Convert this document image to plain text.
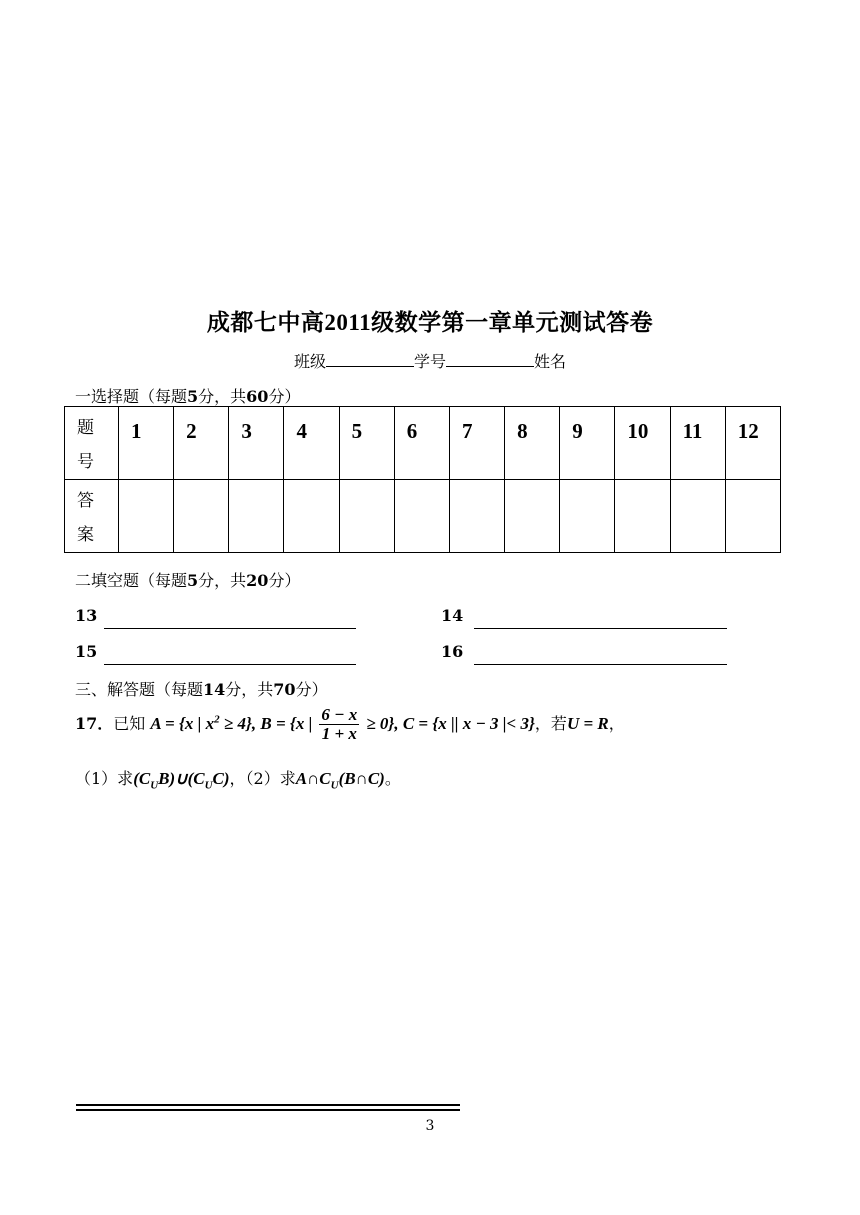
成都七中高2011级数学第一章单元测试答卷
班级	学号	姓名
一选择题（每题5分，共60分）
题
号	1	2	3	4	5	6	7	8	9	10	11	12
答
案												
二填空题（每题5分，共20分）
13	14
15	16
三、解答题（每题14分，共70分）
17．已知 A = {x | $x^2 \ge 4$}, B = {x | $\frac{6 - x}{1 + x} \ge 0$}, C = {x || x − 3 |< 3}，若U = R，
（1）求$(C_UB)\cup(C_UC)$，（2）求$A\cap C_U(B\cap C)$。
3
